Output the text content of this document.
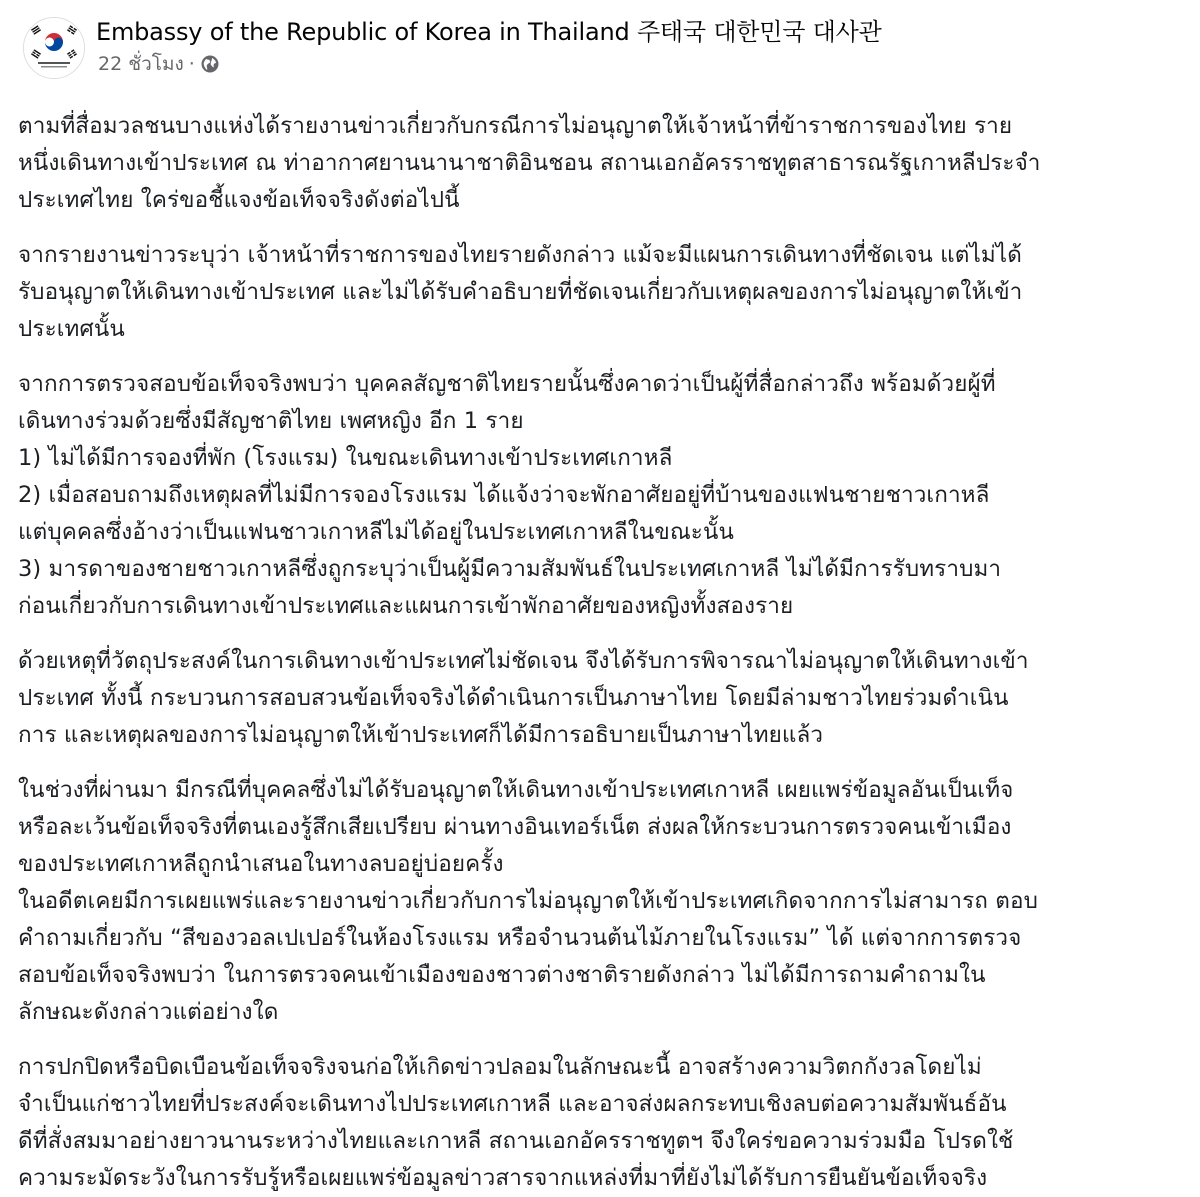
Embassy of the Republic of Korea in Thailand 주태국 대한민국 대사관
22 ชั่วโมง ·

ตามที่สื่อมวลชนบางแห่งได้รายงานข่าวเกี่ยวกับกรณีการไม่อนุญาตให้เจ้าหน้าที่ข้าราชการของไทย ราย
หนึ่งเดินทางเข้าประเทศ ณ ท่าอากาศยานนานาชาติอินชอน สถานเอกอัครราชทูตสาธารณรัฐเกาหลีประจำ
ประเทศไทย ใคร่ขอชี้แจงข้อเท็จจริงดังต่อไปนี้

จากรายงานข่าวระบุว่า เจ้าหน้าที่ราชการของไทยรายดังกล่าว แม้จะมีแผนการเดินทางที่ชัดเจน แต่ไม่ได้
รับอนุญาตให้เดินทางเข้าประเทศ และไม่ได้รับคำอธิบายที่ชัดเจนเกี่ยวกับเหตุผลของการไม่อนุญาตให้เข้า
ประเทศนั้น

จากการตรวจสอบข้อเท็จจริงพบว่า บุคคลสัญชาติไทยรายนั้นซึ่งคาดว่าเป็นผู้ที่สื่อกล่าวถึง พร้อมด้วยผู้ที่
เดินทางร่วมด้วยซึ่งมีสัญชาติไทย เพศหญิง อีก 1 ราย
1) ไม่ได้มีการจองที่พัก (โรงแรม) ในขณะเดินทางเข้าประเทศเกาหลี
2) เมื่อสอบถามถึงเหตุผลที่ไม่มีการจองโรงแรม ได้แจ้งว่าจะพักอาศัยอยู่ที่บ้านของแฟนชายชาวเกาหลี
แต่บุคคลซึ่งอ้างว่าเป็นแฟนชาวเกาหลีไม่ได้อยู่ในประเทศเกาหลีในขณะนั้น
3) มารดาของชายชาวเกาหลีซึ่งถูกระบุว่าเป็นผู้มีความสัมพันธ์ในประเทศเกาหลี ไม่ได้มีการรับทราบมา
ก่อนเกี่ยวกับการเดินทางเข้าประเทศและแผนการเข้าพักอาศัยของหญิงทั้งสองราย

ด้วยเหตุที่วัตถุประสงค์ในการเดินทางเข้าประเทศไม่ชัดเจน จึงได้รับการพิจารณาไม่อนุญาตให้เดินทางเข้า
ประเทศ ทั้งนี้ กระบวนการสอบสวนข้อเท็จจริงได้ดำเนินการเป็นภาษาไทย โดยมีล่ามชาวไทยร่วมดำเนิน
การ และเหตุผลของการไม่อนุญาตให้เข้าประเทศก็ได้มีการอธิบายเป็นภาษาไทยแล้ว

ในช่วงที่ผ่านมา มีกรณีที่บุคคลซึ่งไม่ได้รับอนุญาตให้เดินทางเข้าประเทศเกาหลี เผยแพร่ข้อมูลอันเป็นเท็จ
หรือละเว้นข้อเท็จจริงที่ตนเองรู้สึกเสียเปรียบ ผ่านทางอินเทอร์เน็ต ส่งผลให้กระบวนการตรวจคนเข้าเมือง
ของประเทศเกาหลีถูกนำเสนอในทางลบอยู่บ่อยครั้ง
ในอดีตเคยมีการเผยแพร่และรายงานข่าวเกี่ยวกับการไม่อนุญาตให้เข้าประเทศเกิดจากการไม่สามารถ ตอบ
คำถามเกี่ยวกับ “สีของวอลเปเปอร์ในห้องโรงแรม หรือจำนวนต้นไม้ภายในโรงแรม” ได้ แต่จากการตรวจ
สอบข้อเท็จจริงพบว่า ในการตรวจคนเข้าเมืองของชาวต่างชาติรายดังกล่าว ไม่ได้มีการถามคำถามใน
ลักษณะดังกล่าวแต่อย่างใด

การปกปิดหรือบิดเบือนข้อเท็จจริงจนก่อให้เกิดข่าวปลอมในลักษณะนี้ อาจสร้างความวิตกกังวลโดยไม่
จำเป็นแก่ชาวไทยที่ประสงค์จะเดินทางไปประเทศเกาหลี และอาจส่งผลกระทบเชิงลบต่อความสัมพันธ์อัน
ดีที่สั่งสมมาอย่างยาวนานระหว่างไทยและเกาหลี สถานเอกอัครราชทูตฯ จึงใคร่ขอความร่วมมือ โปรดใช้
ความระมัดระวังในการรับรู้หรือเผยแพร่ข้อมูลข่าวสารจากแหล่งที่มาที่ยังไม่ได้รับการยืนยันข้อเท็จจริง
